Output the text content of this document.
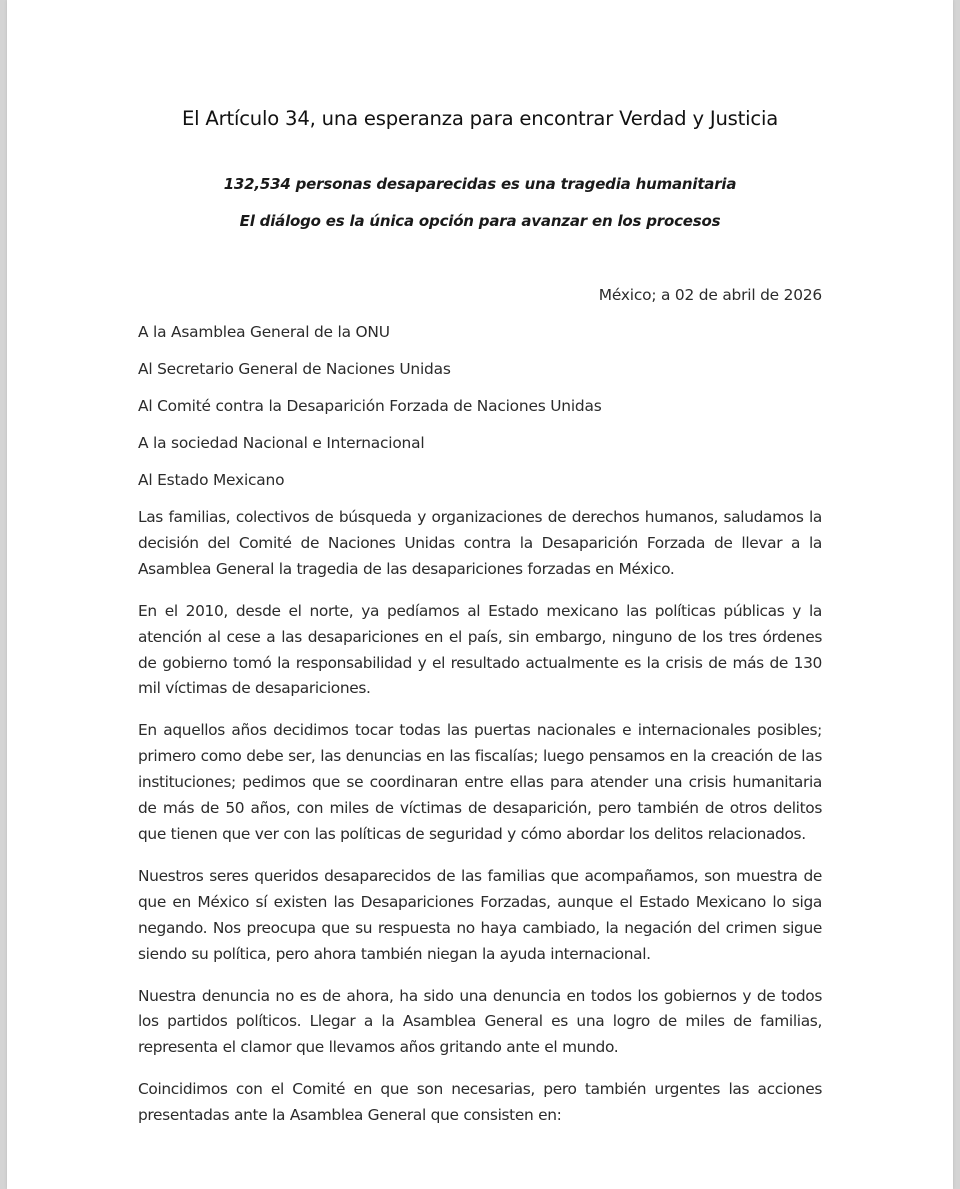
El Artículo 34, una esperanza para encontrar Verdad y Justicia

132,534 personas desaparecidas es una tragedia humanitaria

El diálogo es la única opción para avanzar en los procesos

México; a 02 de abril de 2026

A la Asamblea General de la ONU
Al Secretario General de Naciones Unidas
Al Comité contra la Desaparición Forzada de Naciones Unidas
A la sociedad Nacional e Internacional
Al Estado Mexicano

Las familias, colectivos de búsqueda y organizaciones de derechos humanos, saludamos la decisión del Comité de Naciones Unidas contra la Desaparición Forzada de llevar a la Asamblea General la tragedia de las desapariciones forzadas en México.

En el 2010, desde el norte, ya pedíamos al Estado mexicano las políticas públicas y la atención al cese a las desapariciones en el país, sin embargo, ninguno de los tres órdenes de gobierno tomó la responsabilidad y el resultado actualmente es la crisis de más de 130 mil víctimas de desapariciones.

En aquellos años decidimos tocar todas las puertas nacionales e internacionales posibles; primero como debe ser, las denuncias en las fiscalías; luego pensamos en la creación de las instituciones; pedimos que se coordinaran entre ellas para atender una crisis humanitaria de más de 50 años, con miles de víctimas de desaparición, pero también de otros delitos que tienen que ver con las políticas de seguridad y cómo abordar los delitos relacionados.

Nuestros seres queridos desaparecidos de las familias que acompañamos, son muestra de que en México sí existen las Desapariciones Forzadas, aunque el Estado Mexicano lo siga negando. Nos preocupa que su respuesta no haya cambiado, la negación del crimen sigue siendo su política, pero ahora también niegan la ayuda internacional.

Nuestra denuncia no es de ahora, ha sido una denuncia en todos los gobiernos y de todos los partidos políticos. Llegar a la Asamblea General es una logro de miles de familias, representa el clamor que llevamos años gritando ante el mundo.

Coincidimos con el Comité en que son necesarias, pero también urgentes las acciones presentadas ante la Asamblea General que consisten en:
